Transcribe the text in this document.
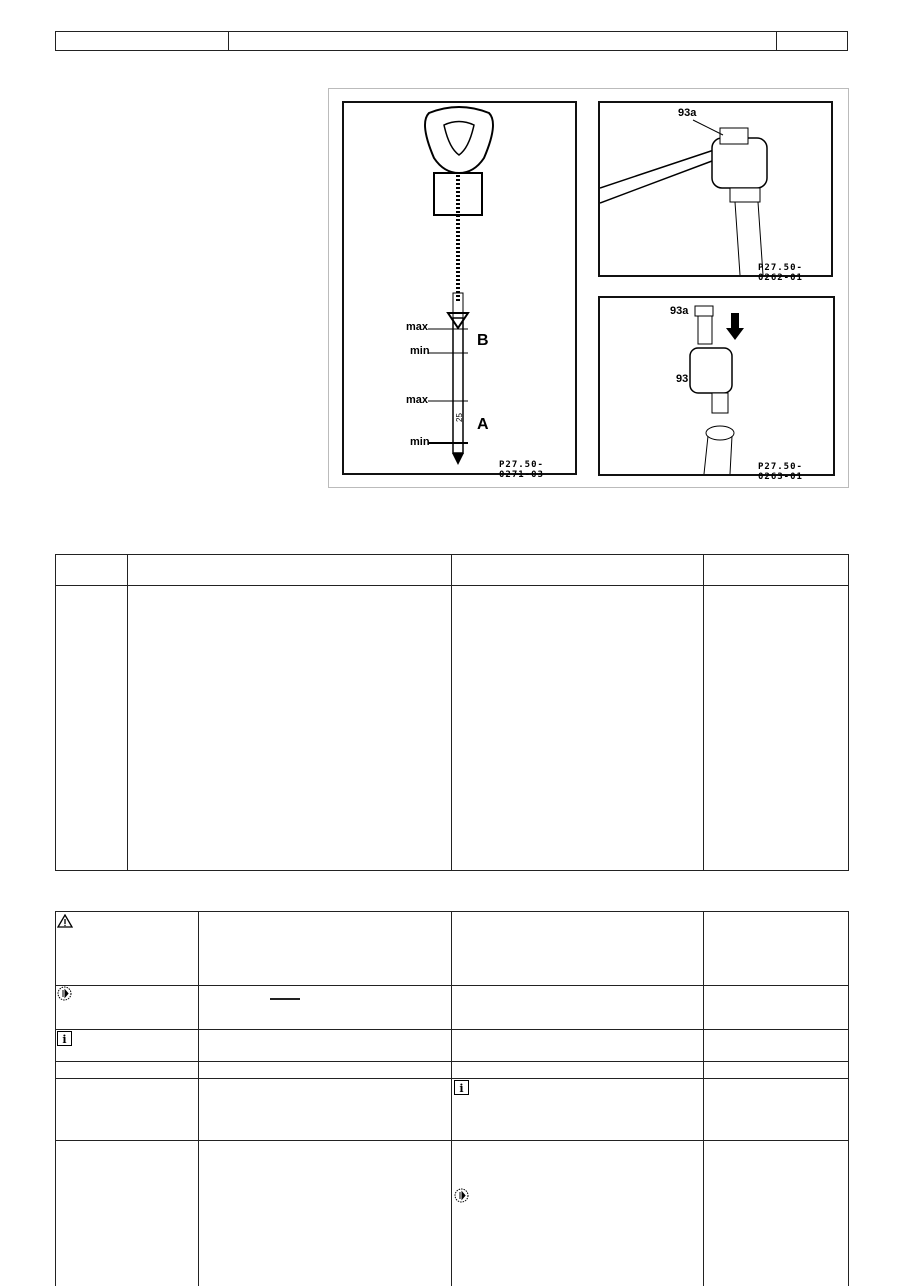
max
min
max
min
B
A
25
P27.50-0271-03
93a
P27.50-0262-01
93a
93
P27.50-0263-01
i
i
